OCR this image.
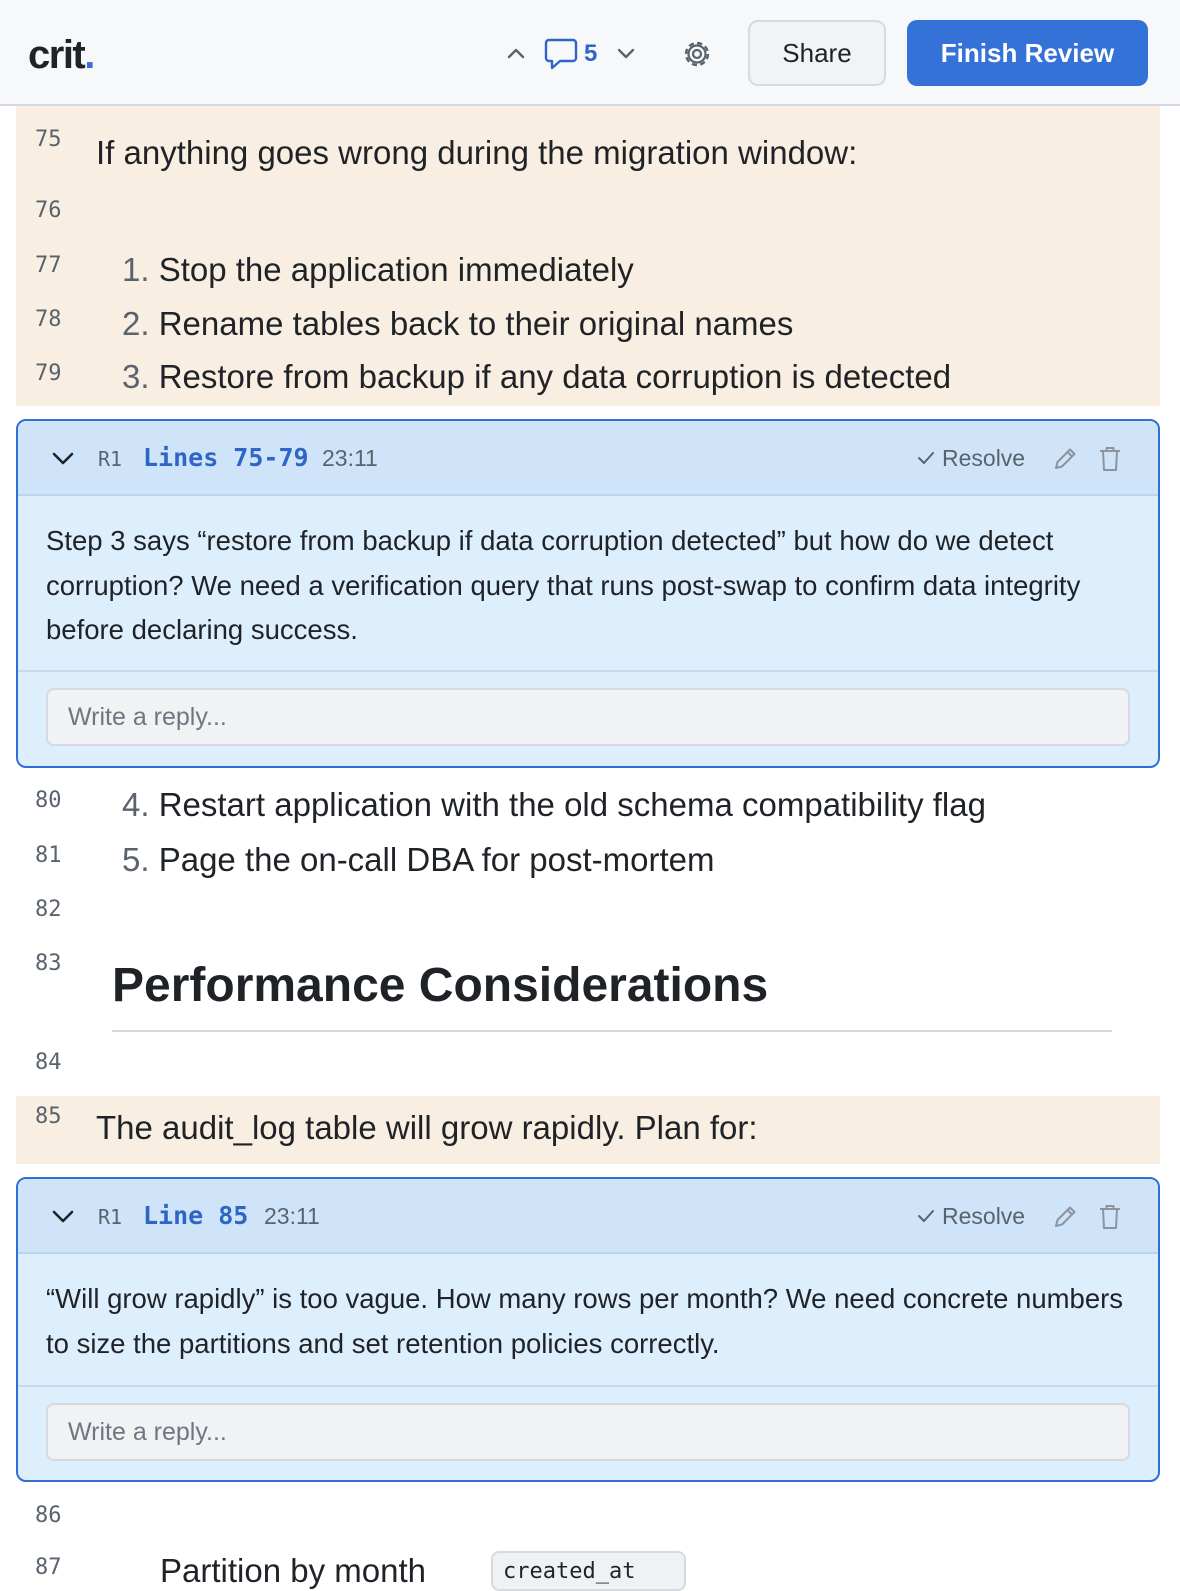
crit.	5	Share	Finish Review
75	If anything goes wrong during the migration window:
76
77	1. Stop the application immediately
78	2. Rename tables back to their original names
79	3. Restore from backup if any data corruption is detected
R1 Lines 75-79 23:11	Resolve
Step 3 says “restore from backup if data corruption detected” but how do we detect corruption? We need a verification query that runs post-swap to confirm data integrity before declaring success.
Write a reply...
80	4. Restart application with the old schema compatibility flag
81	5. Page the on-call DBA for post-mortem
82
83 Performance Considerations
84
85	The audit_log table will grow rapidly. Plan for:
R1 Line 85 23:11	Resolve
“Will grow rapidly” is too vague. How many rows per month? We need concrete numbers to size the partitions and set retention policies correctly.
Write a reply...
86
87	Partition by month	created_at
